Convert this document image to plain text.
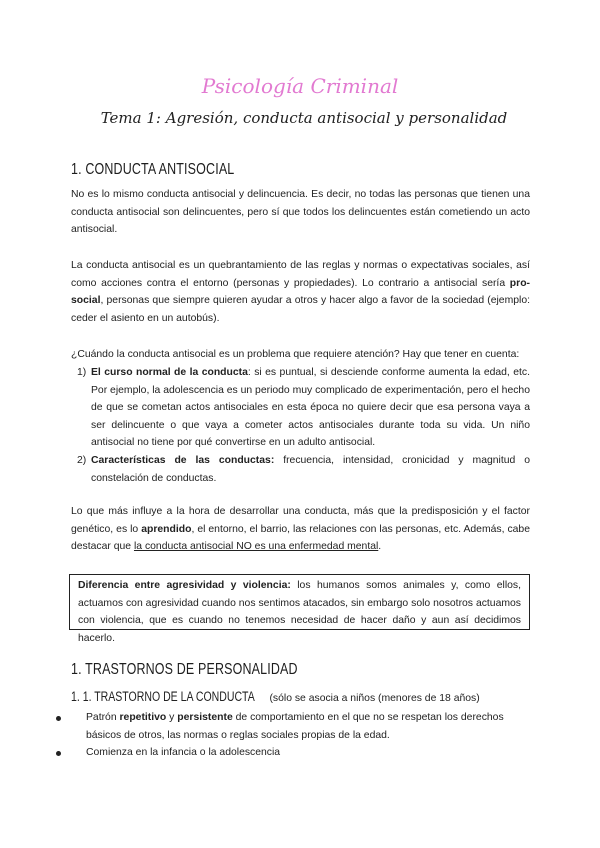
Psicología Criminal
Tema 1: Agresión, conducta antisocial y personalidad
1. CONDUCTA ANTISOCIAL

No es lo mismo conducta antisocial y delincuencia. Es decir, no todas las personas que tienen una conducta antisocial son delincuentes, pero sí que todos los delincuentes están cometiendo un acto antisocial.

La conducta antisocial es un quebrantamiento de las reglas y normas o expectativas sociales, así como acciones contra el entorno (personas y propiedades). Lo contrario a antisocial sería pro-social, personas que siempre quieren ayudar a otros y hacer algo a favor de la sociedad (ejemplo: ceder el asiento en un autobús).

¿Cuándo la conducta antisocial es un problema que requiere atención? Hay que tener en cuenta:

1) El curso normal de la conducta: si es puntual, si desciende conforme aumenta la edad, etc. Por ejemplo, la adolescencia es un periodo muy complicado de experimentación, pero el hecho de que se cometan actos antisociales en esta época no quiere decir que esa persona vaya a ser delincuente o que vaya a cometer actos antisociales durante toda su vida. Un niño antisocial no tiene por qué convertirse en un adulto antisocial.
2) Características de las conductas: frecuencia, intensidad, cronicidad y magnitud o constelación de conductas.

Lo que más influye a la hora de desarrollar una conducta, más que la predisposición y el factor genético, es lo aprendido, el entorno, el barrio, las relaciones con las personas, etc. Además, cabe destacar que la conducta antisocial NO es una enfermedad mental.

Diferencia entre agresividad y violencia: los humanos somos animales y, como ellos, actuamos con agresividad cuando nos sentimos atacados, sin embargo solo nosotros actuamos con violencia, que es cuando no tenemos necesidad de hacer daño y aun así decidimos hacerlo.
1. TRASTORNOS DE PERSONALIDAD
1. 1. TRASTORNO DE LA CONDUCTA (sólo se asocia a niños (menores de 18 años)
Patrón repetitivo y persistente de comportamiento en el que no se respetan los derechos básicos de otros, las normas o reglas sociales propias de la edad.
Comienza en la infancia o la adolescencia
